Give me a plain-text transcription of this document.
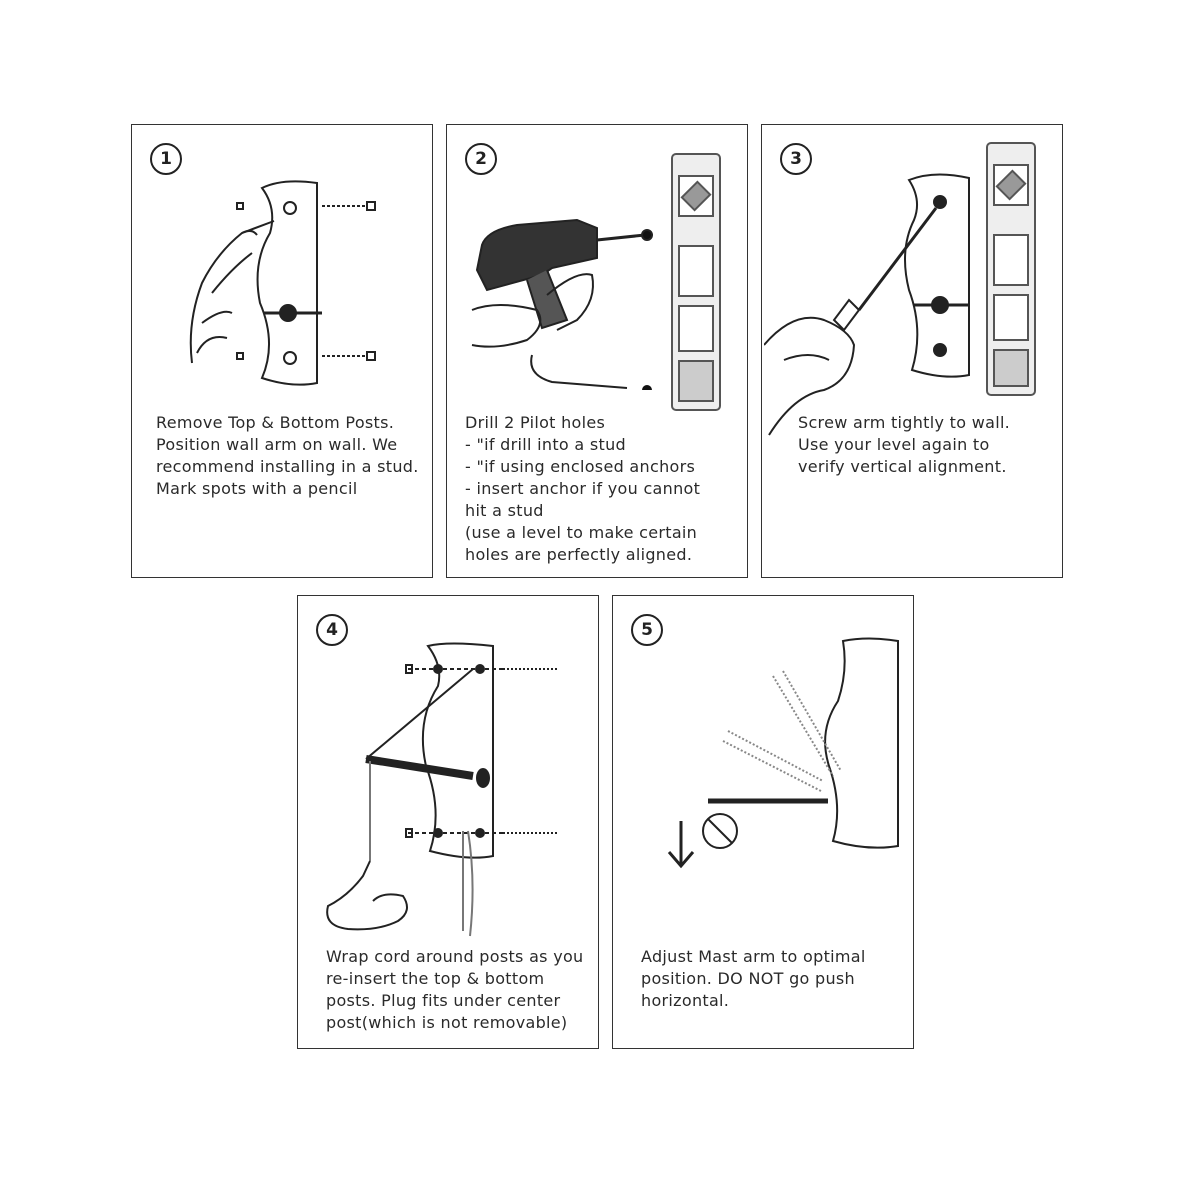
1
Remove Top & Bottom Posts.
Position wall arm on wall. We
recommend installing in a stud.
Mark spots with a pencil
2
Drill 2 Pilot holes
- "if drill into a stud
- "if using enclosed anchors
- insert anchor if you cannot
hit a stud
(use a level to make certain
holes are perfectly aligned.
3
Screw arm tightly to wall.
Use your level again to
verify vertical alignment.
4
Wrap cord around posts as you
re-insert the top & bottom
posts. Plug fits under center
post(which is not removable)
5
Adjust Mast arm to optimal
position. DO NOT go push
horizontal.
